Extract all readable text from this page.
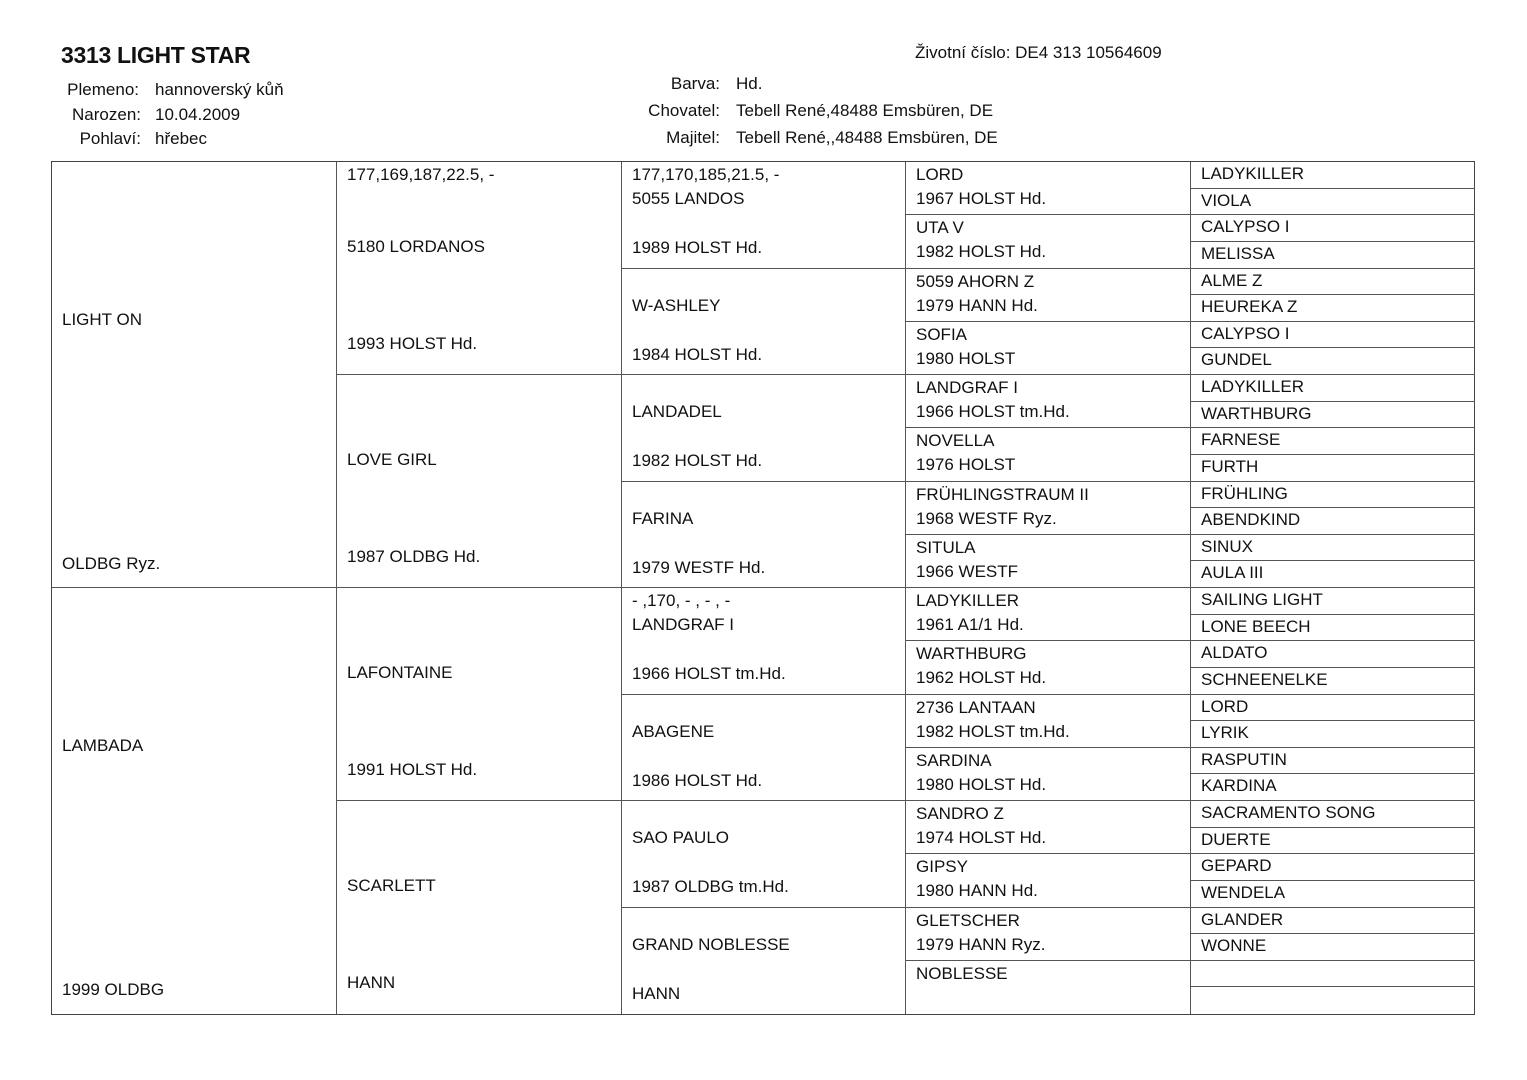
3313 LIGHT STAR	Životní číslo: DE4 313 10564609
Plemeno: hannoverský kůň
Narozen: 10.04.2009
Pohlaví: hřebec
Barva: Hd.
Chovatel: Tebell René,48488 Emsbüren, DE
Majitel: Tebell René,,48488 Emsbüren, DE
LIGHT ON
OLDBG Ryz.
LAMBADA
1999 OLDBG
177,169,187,22.5, -
5180 LORDANOS
1993 HOLST Hd.
LOVE GIRL
1987 OLDBG Hd.
LAFONTAINE
1991 HOLST Hd.
SCARLETT
HANN
177,170,185,21.5, -
5055 LANDOS
1989 HOLST Hd.
W-ASHLEY
1984 HOLST Hd.
LANDADEL
1982 HOLST Hd.
FARINA
1979 WESTF Hd.
- ,170, - , - , -
LANDGRAF I
1966 HOLST tm.Hd.
ABAGENE
1986 HOLST Hd.
SAO PAULO
1987 OLDBG tm.Hd.
GRAND NOBLESSE
HANN
LORD
1967 HOLST Hd.
UTA V
1982 HOLST Hd.
5059 AHORN Z
1979 HANN Hd.
SOFIA
1980 HOLST
LANDGRAF I
1966 HOLST tm.Hd.
NOVELLA
1976 HOLST
FRÜHLINGSTRAUM II
1968 WESTF Ryz.
SITULA
1966 WESTF
LADYKILLER
1961 A1/1 Hd.
WARTHBURG
1962 HOLST Hd.
2736 LANTAAN
1982 HOLST tm.Hd.
SARDINA
1980 HOLST Hd.
SANDRO Z
1974 HOLST Hd.
GIPSY
1980 HANN Hd.
GLETSCHER
1979 HANN Ryz.
NOBLESSE
LADYKILLER
VIOLA
CALYPSO I
MELISSA
ALME Z
HEUREKA Z
CALYPSO I
GUNDEL
LADYKILLER
WARTHBURG
FARNESE
FURTH
FRÜHLING
ABENDKIND
SINUX
AULA III
SAILING LIGHT
LONE BEECH
ALDATO
SCHNEENELKE
LORD
LYRIK
RASPUTIN
KARDINA
SACRAMENTO SONG
DUERTE
GEPARD
WENDELA
GLANDER
WONNE
